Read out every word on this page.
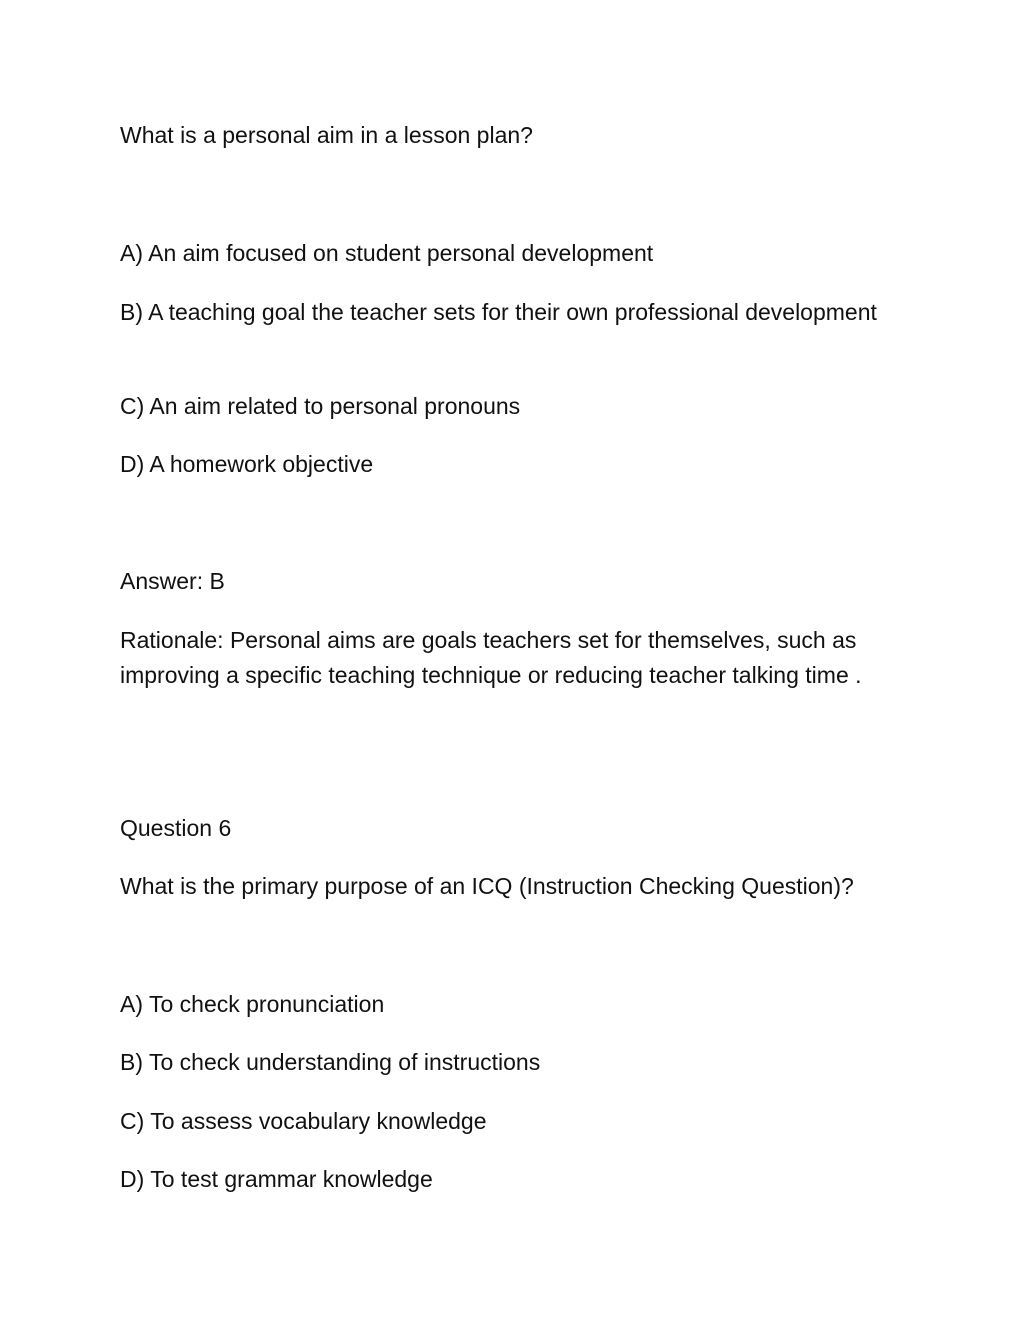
What is a personal aim in a lesson plan?

A) An aim focused on student personal development

B) A teaching goal the teacher sets for their own professional development

C) An aim related to personal pronouns

D) A homework objective

Answer: B

Rationale: Personal aims are goals teachers set for themselves, such as improving a specific teaching technique or reducing teacher talking time .

Question 6

What is the primary purpose of an ICQ (Instruction Checking Question)?

A) To check pronunciation

B) To check understanding of instructions

C) To assess vocabulary knowledge

D) To test grammar knowledge
